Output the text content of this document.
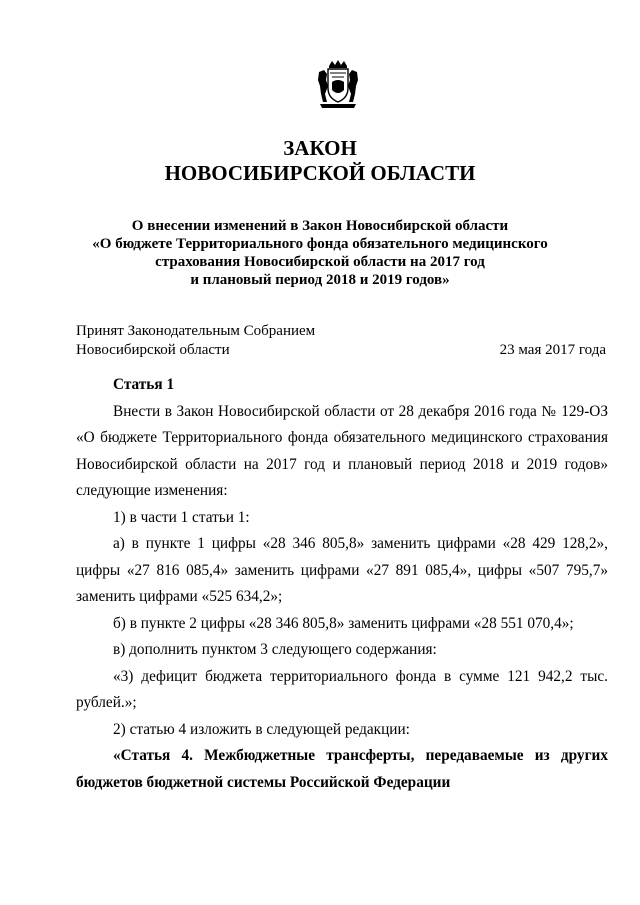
ЗАКОН
НОВОСИБИРСКОЙ ОБЛАСТИ
О внесении изменений в Закон Новосибирской области
«О бюджете Территориального фонда обязательного медицинского
страхования Новосибирской области на 2017 год
и плановый период 2018 и 2019 годов»
Принят Законодательным Собранием
Новосибирской области	23 мая 2017 года

Статья 1

Внести в Закон Новосибирской области от 28 декабря 2016 года № 129-ОЗ «О бюджете Территориального фонда обязательного медицинского страхования Новосибирской области на 2017 год и плановый период 2018 и 2019 годов» следующие изменения:

1) в части 1 статьи 1:

а) в пункте 1 цифры «28 346 805,8» заменить цифрами «28 429 128,2», цифры «27 816 085,4» заменить цифрами «27 891 085,4», цифры «507 795,7» заменить цифрами «525 634,2»;

б) в пункте 2 цифры «28 346 805,8» заменить цифрами «28 551 070,4»;

в) дополнить пунктом 3 следующего содержания:

«3) дефицит бюджета территориального фонда в сумме 121 942,2 тыс. рублей.»;

2) статью 4 изложить в следующей редакции:

«Статья 4. Межбюджетные трансферты, передаваемые из других бюджетов бюджетной системы Российской Федерации
